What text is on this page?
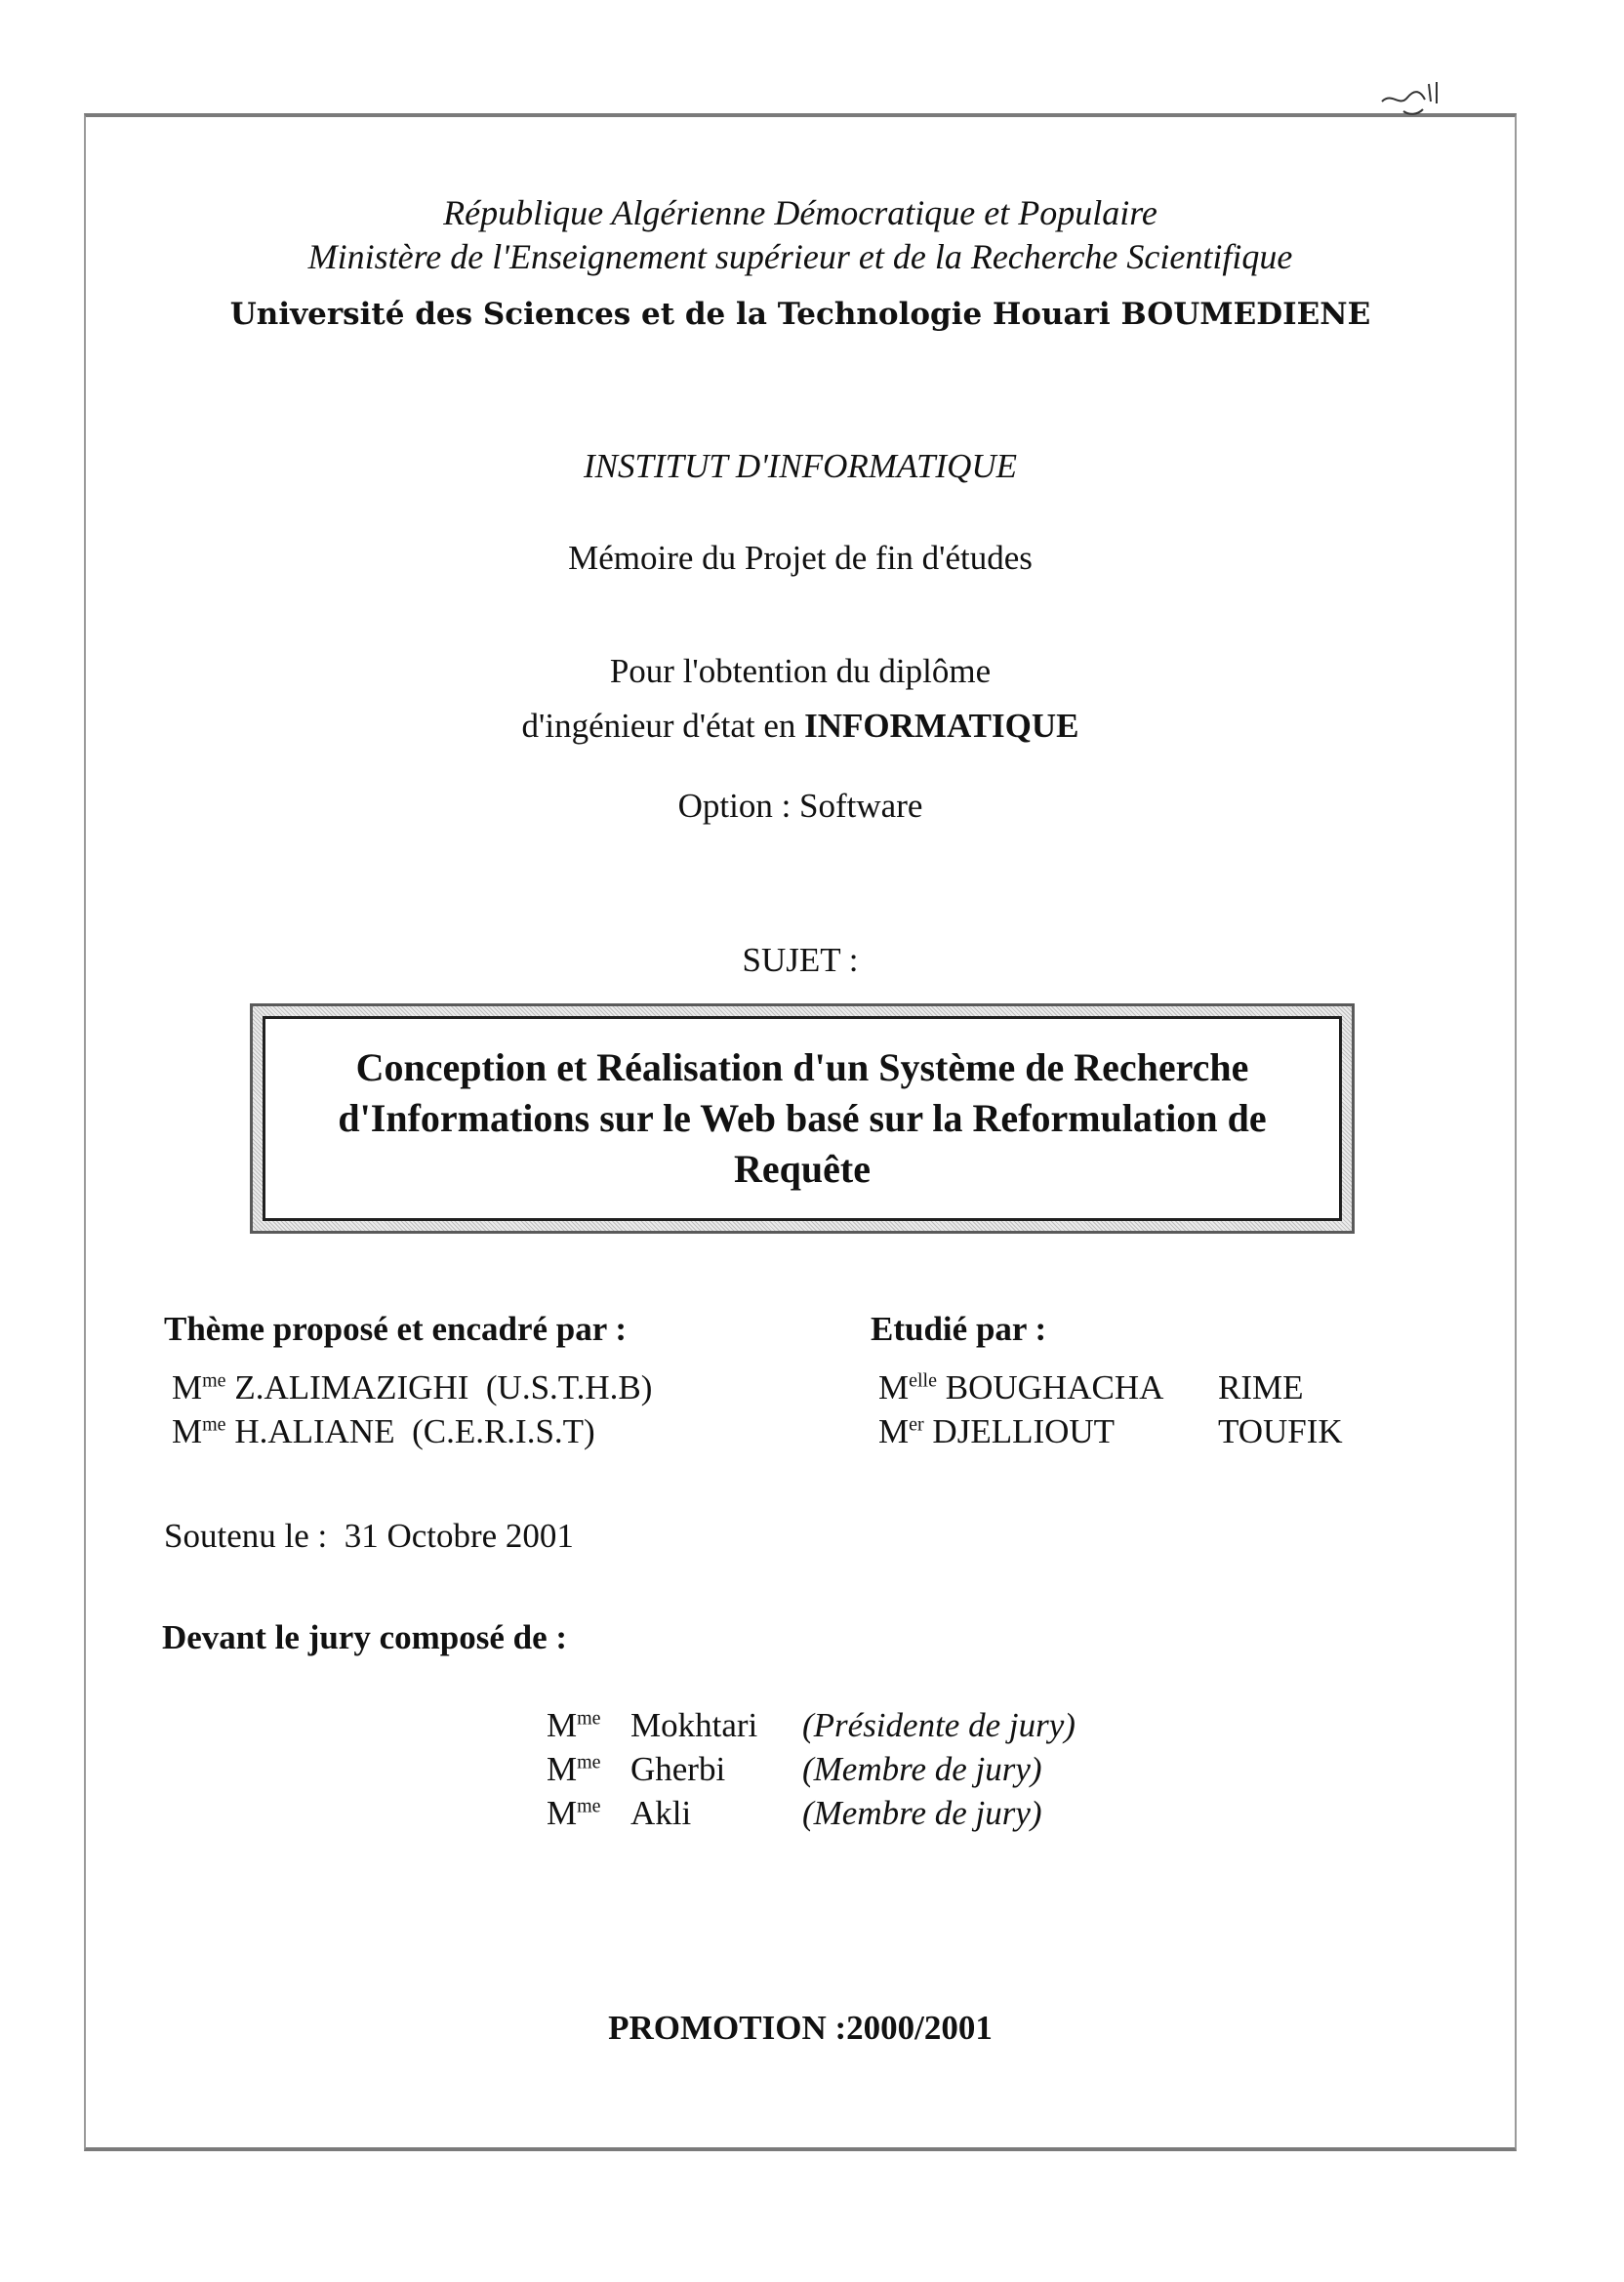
République Algérienne Démocratique et Populaire
Ministère de l'Enseignement supérieur et de la Recherche Scientifique
Université des Sciences et de la Technologie Houari BOUMEDIENE
INSTITUT D'INFORMATIQUE
Mémoire du Projet de fin d'études
Pour l'obtention du diplôme
d'ingénieur d'état en INFORMATIQUE
Option : Software
SUJET :
Conception et Réalisation d'un Système de Recherche
d'Informations sur le Web basé sur la Reformulation de
Requête
Thème proposé et encadré par :
$M^{me}$ Z.ALIMAZIGHI  (U.S.T.H.B)
$M^{me}$ H.ALIANE  (C.E.R.I.S.T)
Etudié par :
$M^{elle}$ BOUGHACHA RIME
Mer DJELLIOUT	TOUFIK
Soutenu le :  31 Octobre 2001
Devant le jury composé de :
$M^{me}$ Mokhtari (Présidente de jury)
$M^{me}$ Gherbi (Membre de jury)
$M^{me}$ Akli	(Membre de jury)
PROMOTION :2000/2001
